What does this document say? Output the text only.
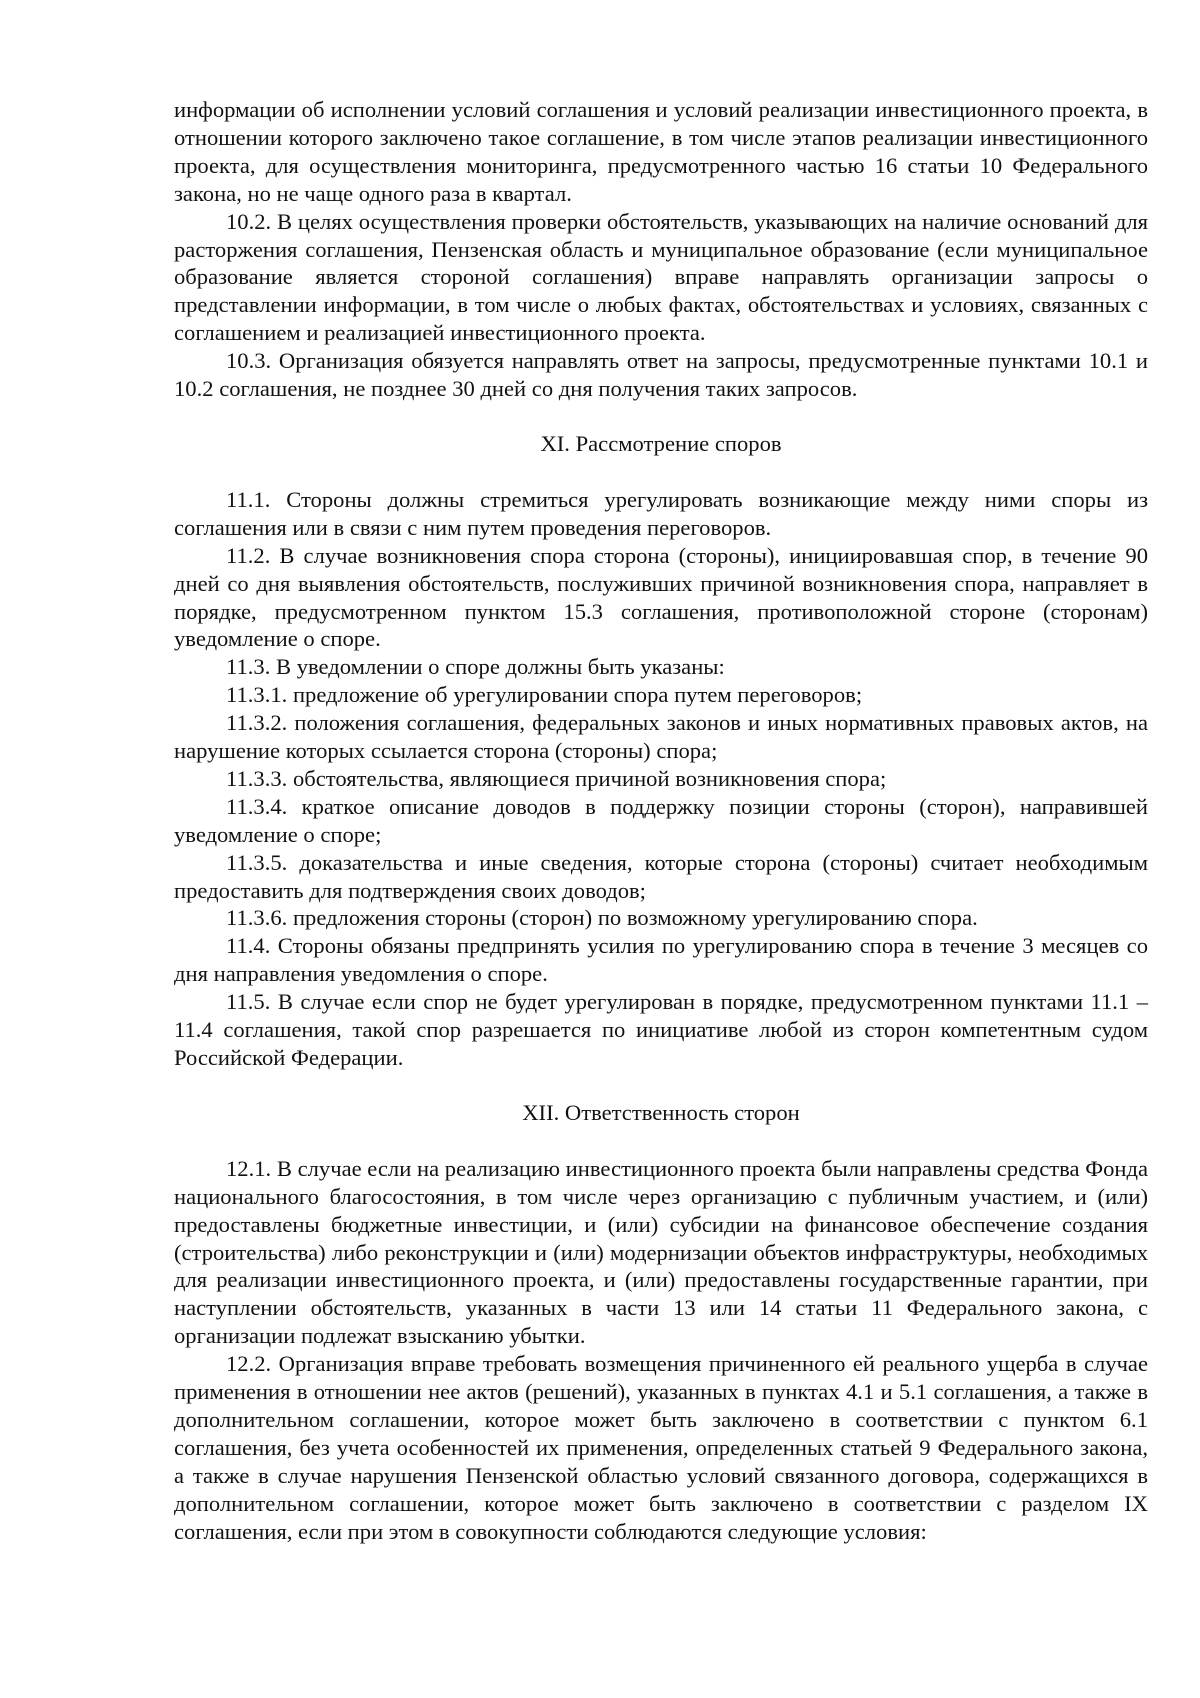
информации об исполнении условий соглашения и условий реализации инвестиционного проекта, в отношении которого заключено такое соглашение, в том числе этапов реализации инвестиционного проекта, для осуществления мониторинга, предусмотренного частью 16 статьи 10 Федерального закона, но не чаще одного раза в квартал.

10.2. В целях осуществления проверки обстоятельств, указывающих на наличие оснований для расторжения соглашения, Пензенская область и муниципальное образование (если муниципальное образование является стороной соглашения) вправе направлять организации запросы о представлении информации, в том числе о любых фактах, обстоятельствах и условиях, связанных с соглашением и реализацией инвестиционного проекта.

10.3. Организация обязуется направлять ответ на запросы, предусмотренные пунктами 10.1 и 10.2 соглашения, не позднее 30 дней со дня получения таких запросов.

XI. Рассмотрение споров

11.1. Стороны должны стремиться урегулировать возникающие между ними споры из соглашения или в связи с ним путем проведения переговоров.

11.2. В случае возникновения спора сторона (стороны), инициировавшая спор, в течение 90 дней со дня выявления обстоятельств, послуживших причиной возникновения спора, направляет в порядке, предусмотренном пунктом 15.3 соглашения, противоположной стороне (сторонам) уведомление о споре.

11.3. В уведомлении о споре должны быть указаны:

11.3.1. предложение об урегулировании спора путем переговоров;

11.3.2. положения соглашения, федеральных законов и иных нормативных правовых актов, на нарушение которых ссылается сторона (стороны) спора;

11.3.3. обстоятельства, являющиеся причиной возникновения спора;

11.3.4. краткое описание доводов в поддержку позиции стороны (сторон), направившей уведомление о споре;

11.3.5. доказательства и иные сведения, которые сторона (стороны) считает необходимым предоставить для подтверждения своих доводов;

11.3.6. предложения стороны (сторон) по возможному урегулированию спора.

11.4. Стороны обязаны предпринять усилия по урегулированию спора в течение 3 месяцев со дня направления уведомления о споре.

11.5. В случае если спор не будет урегулирован в порядке, предусмотренном пунктами 11.1 – 11.4 соглашения, такой спор разрешается по инициативе любой из сторон компетентным судом Российской Федерации.

XII. Ответственность сторон

12.1. В случае если на реализацию инвестиционного проекта были направлены средства Фонда национального благосостояния, в том числе через организацию с публичным участием, и (или) предоставлены бюджетные инвестиции, и (или) субсидии на финансовое обеспечение создания (строительства) либо реконструкции и (или) модернизации объектов инфраструктуры, необходимых для реализации инвестиционного проекта, и (или) предоставлены государственные гарантии, при наступлении обстоятельств, указанных в части 13 или 14 статьи 11 Федерального закона, с организации подлежат взысканию убытки.

12.2. Организация вправе требовать возмещения причиненного ей реального ущерба в случае применения в отношении нее актов (решений), указанных в пунктах 4.1 и 5.1 соглашения, а также в дополнительном соглашении, которое может быть заключено в соответствии с пунктом 6.1 соглашения, без учета особенностей их применения, определенных статьей 9 Федерального закона, а также в случае нарушения Пензенской областью условий связанного договора, содержащихся в дополнительном соглашении, которое может быть заключено в соответствии с разделом IX соглашения, если при этом в совокупности соблюдаются следующие условия:
